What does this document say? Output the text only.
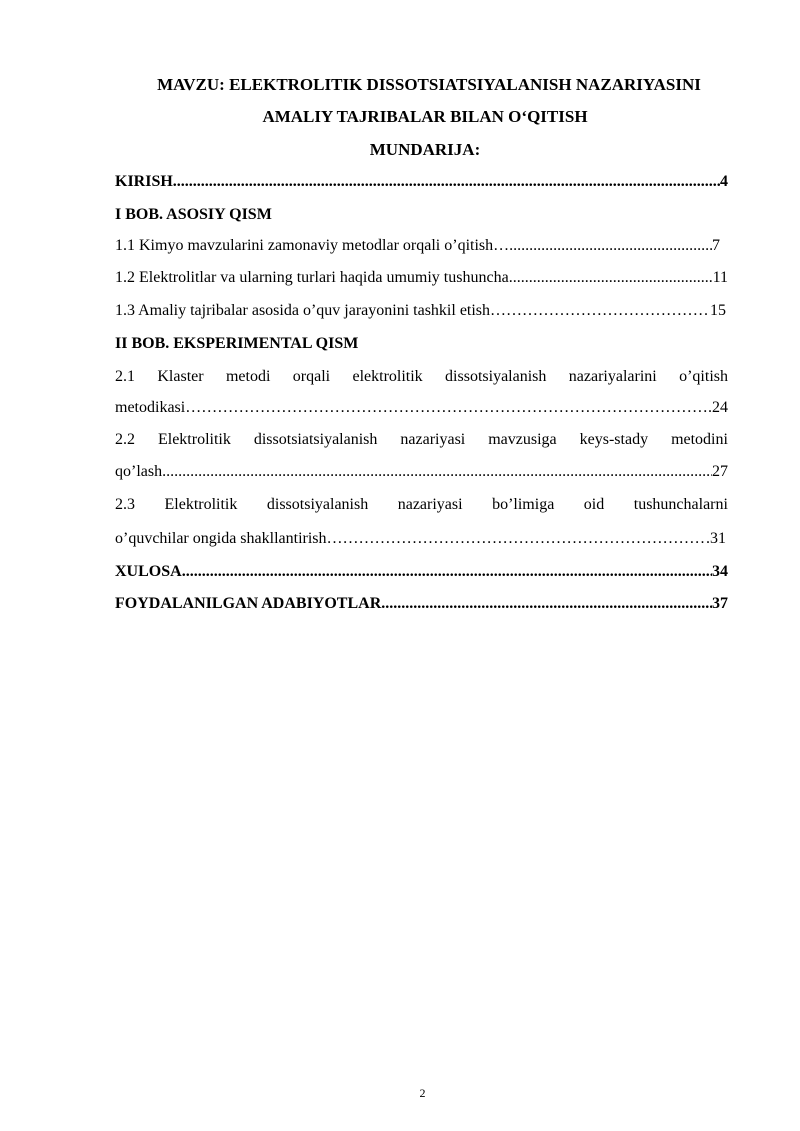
MAVZU: ELEKTROLITIK DISSOTSIATSIYALANISH NAZARIYASINI
AMALIY TAJRIBALAR BILAN O‘QITISH
MUNDARIJA:
KIRISH .....	4
I BOB. ASOSIY QISM
1.1 Kimyo mavzularini zamonaviy metodlar orqali o’qitish… .....	7
1.2 Elektrolitlar va ularning turlari haqida umumiy tushuncha .....	11
1.3 Amaliy tajribalar asosida o’quv jarayonini tashkil etish …………………………………………………………………………………………………………………………………………………………………………………………………………	15
II BOB. EKSPERIMENTAL QISM
2.1 Klaster metodi orqali elektrolitik dissotsiyalanish nazariyalarini o’qitish
metodikasi …………………………………………………………………………………………………………………………………………………………………………………………………………	.24
2.2 Elektrolitik dissotsiatsiyalanish nazariyasi mavzusiga keys-stady metodini
qo’lash .....	27
2.3 Elektrolitik dissotsiyalanish nazariyasi bo’limiga oid tushunchalarni
o’quvchilar ongida shakllantirish …………………………………………………………………………………………………………………………………………………………………………………………………………	.31
XULOSA .....	34
FOYDALANILGAN ADABIYOTLAR .....	37
2
